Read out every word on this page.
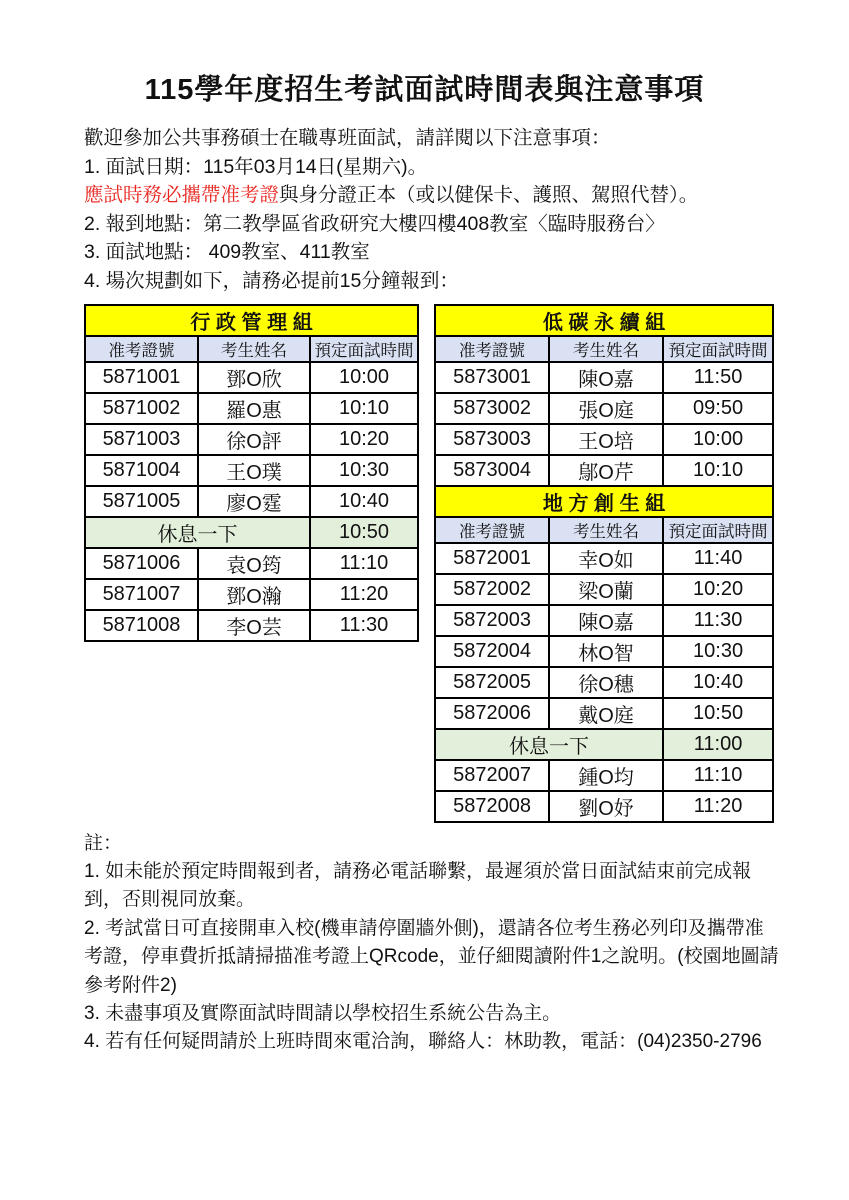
115學年度招生考試面試時間表與注意事項

歡迎參加公共事務碩士在職專班面試，請詳閱以下注意事項：

1. 面試日期：115年03月14日(星期六)。

應試時務必攜帶准考證與身分證正本（或以健保卡、護照、駕照代替）。

2. 報到地點：第二教學區省政研究大樓四樓408教室〈臨時服務台〉

3. 面試地點： 409教室、411教室

4. 場次規劃如下，請務必提前15分鐘報到：

行政管理組		
准考證號	考生姓名	預定面試時間
5871001	鄧O欣	10:00
5871002	羅O惠	10:10
5871003	徐O評	10:20
5871004	王O璞	10:30
5871005	廖O霆	10:40
休息一下		10:50
5871006	袁O筠	11:10
5871007	鄧O瀚	11:20
5871008	李O芸	11:30
低碳永續組		
准考證號	考生姓名	預定面試時間
5873001	陳O嘉	11:50
5873002	張O庭	09:50
5873003	王O培	10:00
5873004	鄔O芹	10:10
地方創生組		
准考證號	考生姓名	預定面試時間
5872001	幸O如	11:40
5872002	梁O蘭	10:20
5872003	陳O嘉	11:30
5872004	林O智	10:30
5872005	徐O穗	10:40
5872006	戴O庭	10:50
休息一下		11:00
5872007	鍾O均	11:10
5872008	劉O妤	11:20

註：

1. 如未能於預定時間報到者，請務必電話聯繫，最遲須於當日面試結束前完成報到，否則視同放棄。

2. 考試當日可直接開車入校(機車請停圍牆外側)，還請各位考生務必列印及攜帶准考證，停車費折抵請掃描准考證上QRcode，並仔細閱讀附件1之說明。(校園地圖請參考附件2)

3. 未盡事項及實際面試時間請以學校招生系統公告為主。

4. 若有任何疑問請於上班時間來電洽詢，聯絡人：林助教，電話：(04)2350-2796
